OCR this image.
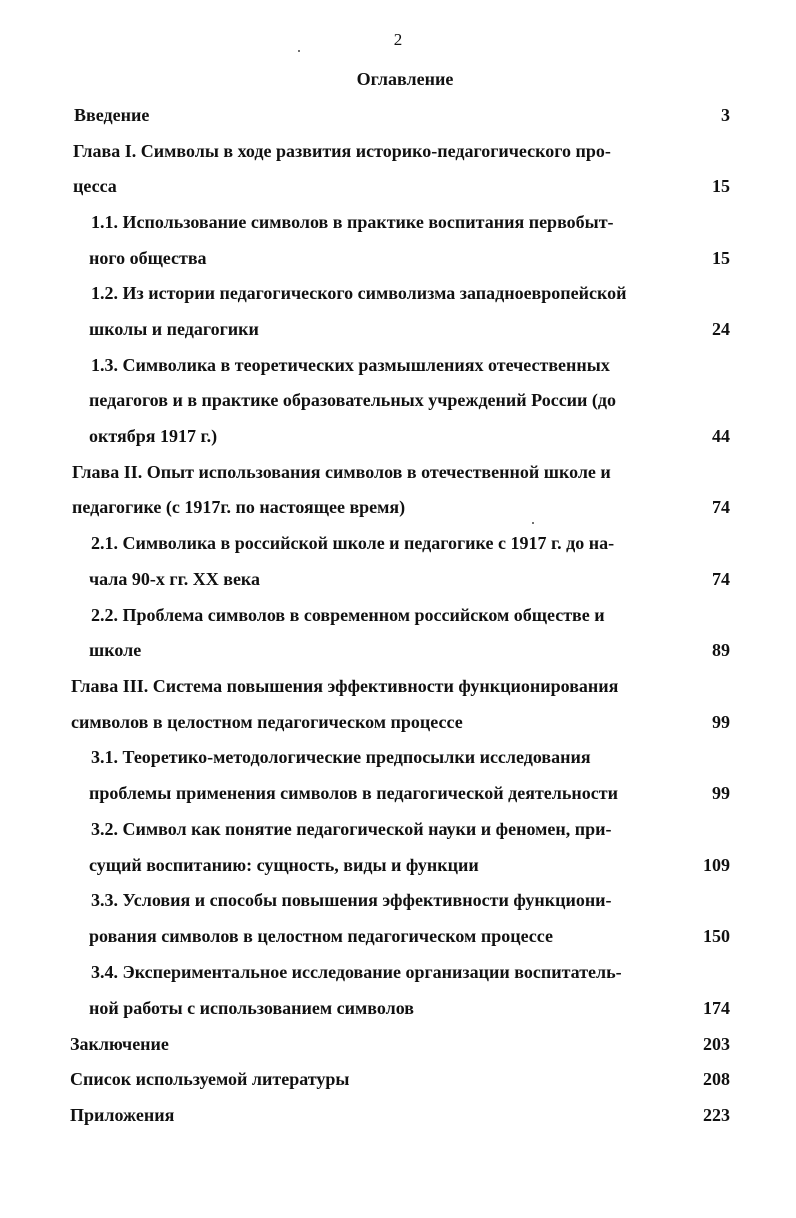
2
Оглавление
Введение	3
Глава I. Символы в ходе развития историко-педагогического про-
цесса	15
1.1. Использование символов в практике воспитания первобыт-
ного общества	15
1.2. Из истории педагогического символизма западноевропейской
школы и педагогики	24
1.3. Символика в теоретических размышлениях отечественных
педагогов и в практике образовательных учреждений России (до
октября 1917 г.)	44
Глава II. Опыт использования символов в отечественной школе и
педагогике (с 1917г. по настоящее время)	74
2.1. Символика в российской школе и педагогике с 1917 г. до на-
чала 90-х гг. XX века	74
2.2. Проблема символов в современном российском обществе и
школе	89
Глава III. Система повышения эффективности функционирования
символов в целостном педагогическом процессе	99
3.1. Теоретико-методологические предпосылки исследования
проблемы применения символов в педагогической деятельности	99
3.2. Символ как понятие педагогической науки и феномен, при-
сущий воспитанию: сущность, виды и функции	109
3.3. Условия и способы повышения эффективности функциони-
рования символов в целостном педагогическом процессе	150
3.4. Экспериментальное исследование организации воспитатель-
ной работы с использованием символов	174
Заключение	203
Список используемой литературы	208
Приложения	223
